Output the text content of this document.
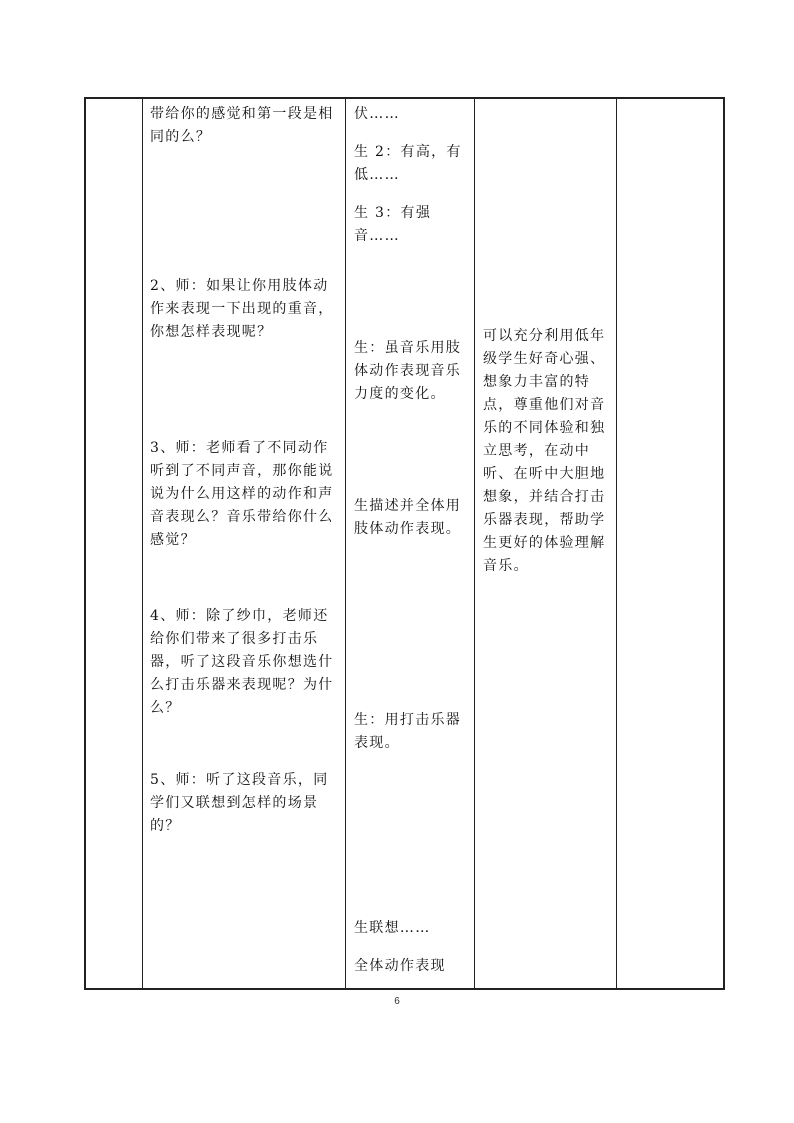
带给你的感觉和第一段是相同的么？
2、师：如果让你用肢体动作来表现一下出现的重音，你想怎样表现呢？
3、师：老师看了不同动作听到了不同声音，那你能说说为什么用这样的动作和声音表现么？音乐带给你什么感觉？
4、师：除了纱巾，老师还给你们带来了很多打击乐器，听了这段音乐你想选什么打击乐器来表现呢？为什么？
5、师：听了这段音乐，同学们又联想到怎样的场景的？
伏……
生 2：有高，有低……
生 3：有强音……
生：虽音乐用肢体动作表现音乐力度的变化。
生描述并全体用肢体动作表现。
生：用打击乐器表现。
生联想……
全体动作表现
可以充分利用低年级学生好奇心强、想象力丰富的特点，尊重他们对音乐的不同体验和独立思考，在动中听、在听中大胆地想象，并结合打击乐器表现，帮助学生更好的体验理解音乐。
6
